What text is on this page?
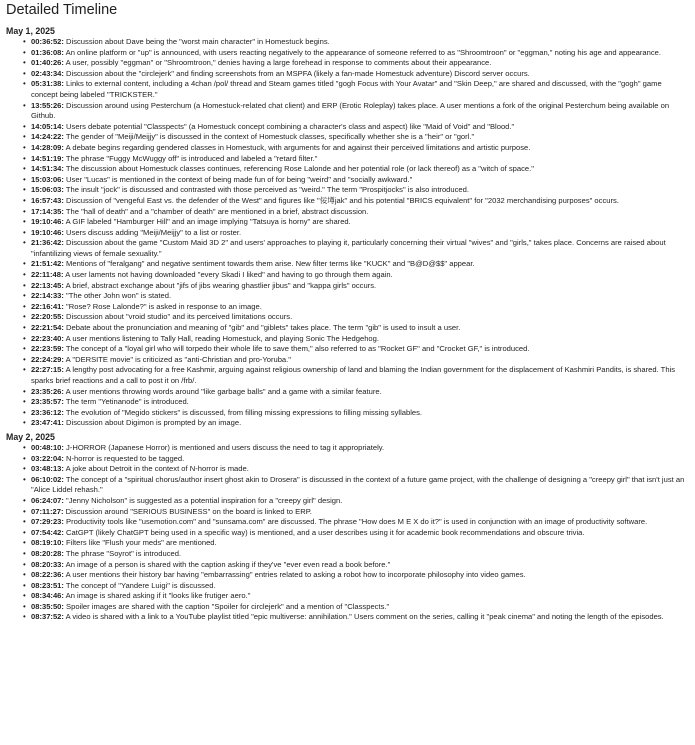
Detailed Timeline
May 1, 2025
• 00:36:52: Discussion about Dave being the "worst main character" in Homestuck begins.
• 01:36:08: An online platform or "up" is announced, with users reacting negatively to the appearance of someone referred to as "Shroomtroon" or "eggman," noting his age and appearance.
• 01:40:26: A user, possibly "eggman" or "Shroomtroon," denies having a large forehead in response to comments about their appearance.
• 02:43:34: Discussion about the "circlejerk" and finding screenshots from an MSPFA (likely a fan-made Homestuck adventure) Discord server occurs.
• 05:31:38: Links to external content, including a 4chan /pol/ thread and Steam games titled "gogh Focus with Your Avatar" and "Skin Deep," are shared and discussed, with the "gogh" game concept being labeled "TRICKSTER."
• 13:55:26: Discussion around using Pesterchum (a Homestuck-related chat client) and ERP (Erotic Roleplay) takes place. A user mentions a fork of the original Pesterchum being available on Github.
• 14:05:14: Users debate potential "Classpects" (a Homestuck concept combining a character's class and aspect) like "Maid of Void" and "Blood."
• 14:24:22: The gender of "Meiji/Meijjy" is discussed in the context of Homestuck classes, specifically whether she is a "heir" or "gorl."
• 14:28:09: A debate begins regarding gendered classes in Homestuck, with arguments for and against their perceived limitations and artistic purpose.
• 14:51:19: The phrase "Fuggy McWuggy off" is introduced and labeled a "retard filter."
• 14:51:34: The discussion about Homestuck classes continues, referencing Rose Lalonde and her potential role (or lack thereof) as a "witch of space."
• 15:03:06: User "Lucas" is mentioned in the context of being made fun of for being "weird" and "socially awkward."
• 15:06:03: The insult "jock" is discussed and contrasted with those perceived as "weird." The term "Prospitjocks" is also introduced.
• 16:57:43: Discussion of "vengeful East vs. the defender of the West" and figures like "佞壿jak" and his potential "BRICS equivalent" for "2032 merchandising purposes" occurs.
• 17:14:35: The "hall of death" and a "chamber of death" are mentioned in a brief, abstract discussion.
• 19:10:46: A GIF labeled "Hamburger Hill" and an image implying "Tatsuya is horny" are shared.
• 19:10:46: Users discuss adding "Meiji/Meijjy" to a list or roster.
• 21:36:42: Discussion about the game "Custom Maid 3D 2" and users' approaches to playing it, particularly concerning their virtual "wives" and "girls," takes place. Concerns are raised about "infantilizing views of female sexuality."
• 21:51:42: Mentions of "feralgang" and negative sentiment towards them arise. New filter terms like "KUCK" and "B@D@$$" appear.
• 22:11:48: A user laments not having downloaded "every Skadi I liked" and having to go through them again.
• 22:13:45: A brief, abstract exchange about "jifs of jibs wearing ghastlier jibus" and "kappa girls" occurs.
• 22:14:33: "The other John won" is stated.
• 22:16:41: "Rose? Rose Lalonde?" is asked in response to an image.
• 22:20:55: Discussion about "vroid studio" and its perceived limitations occurs.
• 22:21:54: Debate about the pronunciation and meaning of "gib" and "giblets" takes place. The term "gib" is used to insult a user.
• 22:23:40: A user mentions listening to Tally Hall, reading Homestuck, and playing Sonic The Hedgehog.
• 22:23:59: The concept of a "loyal girl who will torpedo their whole life to save them," also referred to as "Rocket GF" and "Crocket GF," is introduced.
• 22:24:29: A "DERSITE movie" is criticized as "anti-Christian and pro-Yoruba."
• 22:27:15: A lengthy post advocating for a free Kashmir, arguing against religious ownership of land and blaming the Indian government for the displacement of Kashmiri Pandits, is shared. This sparks brief reactions and a call to post it on /frb/.
• 23:35:26: A user mentions throwing words around "like garbage balls" and a game with a similar feature.
• 23:35:57: The term "Yetinanode" is introduced.
• 23:36:12: The evolution of "Megido stickers" is discussed, from filling missing expressions to filling missing syllables.
• 23:47:41: Discussion about Digimon is prompted by an image.
May 2, 2025
• 00:48:10: J-HORROR (Japanese Horror) is mentioned and users discuss the need to tag it appropriately.
• 03:22:04: N-horror is requested to be tagged.
• 03:48:13: A joke about Detroit in the context of N-horror is made.
• 06:10:02: The concept of a "spiritual chorus/author insert ghost akin to Drosera" is discussed in the context of a future game project, with the challenge of designing a "creepy girl" that isn't just an "Alice Liddel rehash."
• 06:24:07: "Jenny Nicholson" is suggested as a potential inspiration for a "creepy girl" design.
• 07:11:27: Discussion around "SERIOUS BUSINESS" on the board is linked to ERP.
• 07:29:23: Productivity tools like "usemotion.com" and "sunsama.com" are discussed. The phrase "How does M E X do it?" is used in conjunction with an image of productivity software.
• 07:54:42: CatGPT (likely ChatGPT being used in a specific way) is mentioned, and a user describes using it for academic book recommendations and obscure trivia.
• 08:19:10: Filters like "Flush your meds" are mentioned.
• 08:20:28: The phrase "Soyrot" is introduced.
• 08:20:33: An image of a person is shared with the caption asking if they've "ever even read a book before."
• 08:22:36: A user mentions their history bar having "embarrassing" entries related to asking a robot how to incorporate philosophy into video games.
• 08:23:51: The concept of "Yandere Luigi" is discussed.
• 08:34:46: An image is shared asking if it "looks like frutiger aero."
• 08:35:50: Spoiler images are shared with the caption "Spoiler for circlejerk" and a mention of "Classpects."
• 08:37:52: A video is shared with a link to a YouTube playlist titled "epic multiverse: annihilation." Users comment on the series, calling it "peak cinema" and noting the length of the episodes.
